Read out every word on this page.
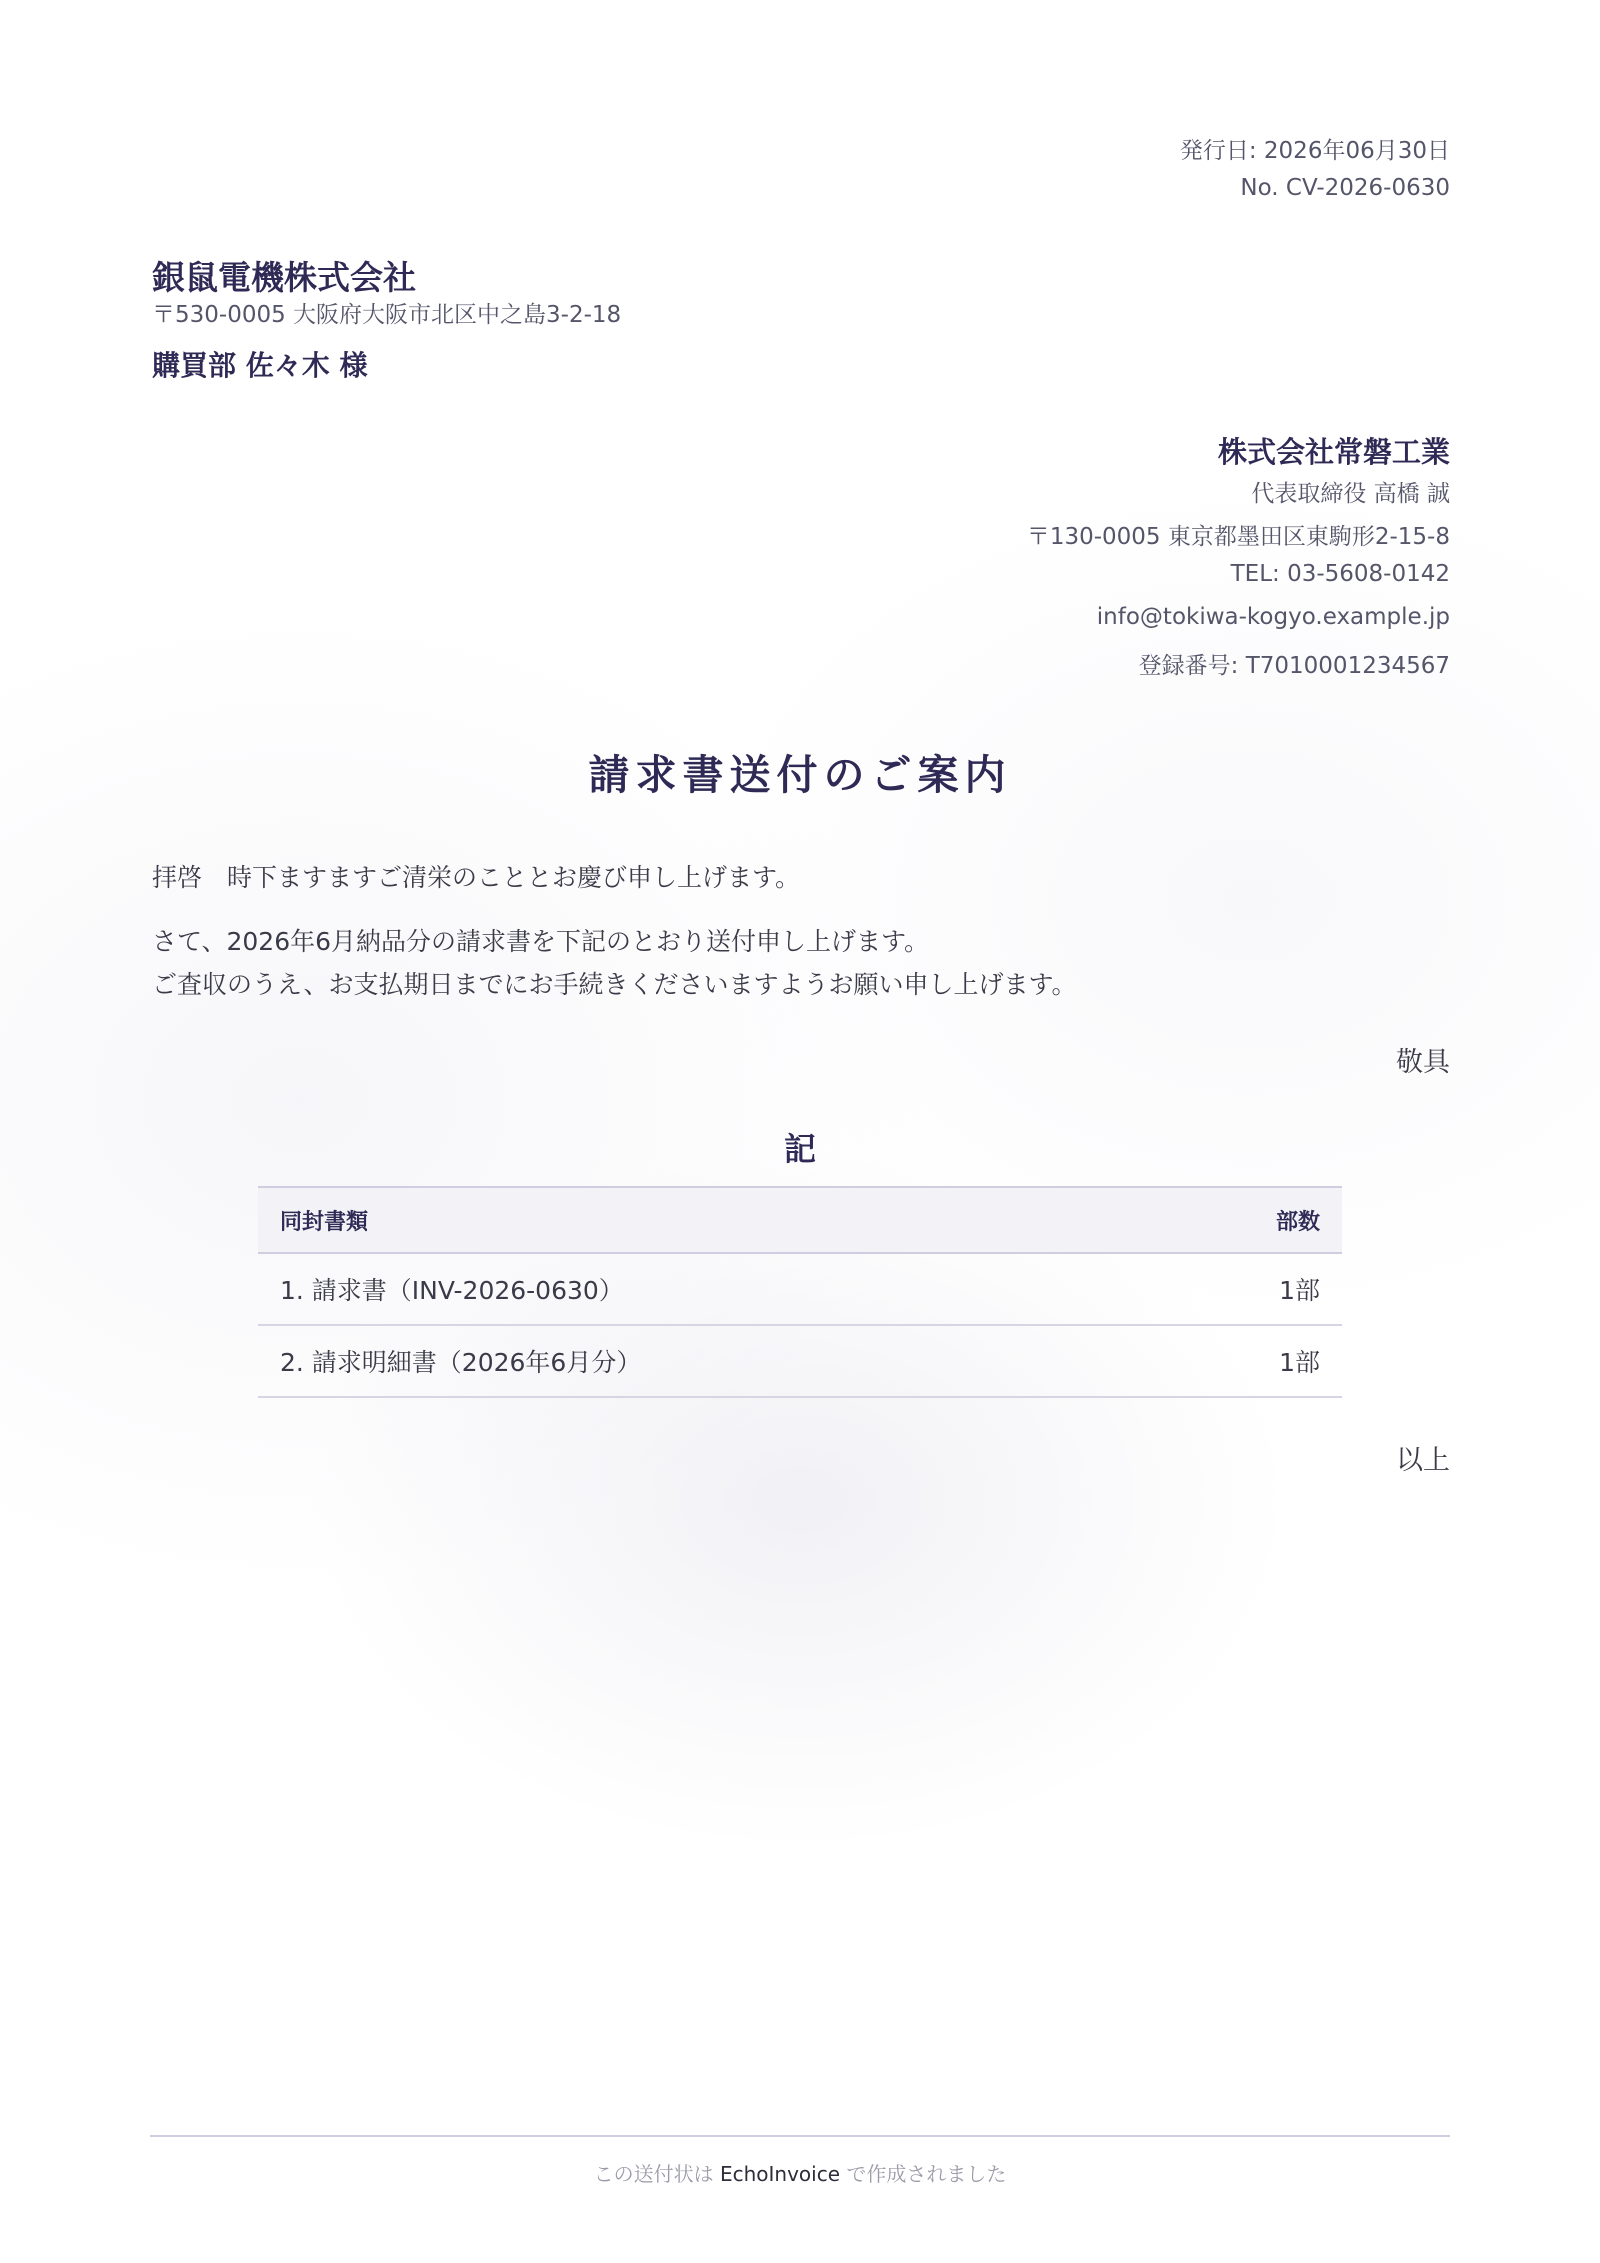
発行日: 2026年06月30日
No. CV-2026-0630
銀鼠電機株式会社
〒530-0005 大阪府大阪市北区中之島3-2-18
購買部 佐々木 様
株式会社常磐工業
代表取締役 高橋 誠
〒130-0005 東京都墨田区東駒形2-15-8
TEL: 03-5608-0142
info@tokiwa-kogyo.example.jp
登録番号: T7010001234567
請求書送付のご案内
拝啓　時下ますますご清栄のこととお慶び申し上げます。
さて、2026年6月納品分の請求書を下記のとおり送付申し上げます。
ご査収のうえ、お支払期日までにお手続きくださいますようお願い申し上げます。
敬具
記
同封書類	部数
1. 請求書（INV-2026-0630）	1部
2. 請求明細書（2026年6月分）	1部
以上
この送付状は EchoInvoice で作成されました
